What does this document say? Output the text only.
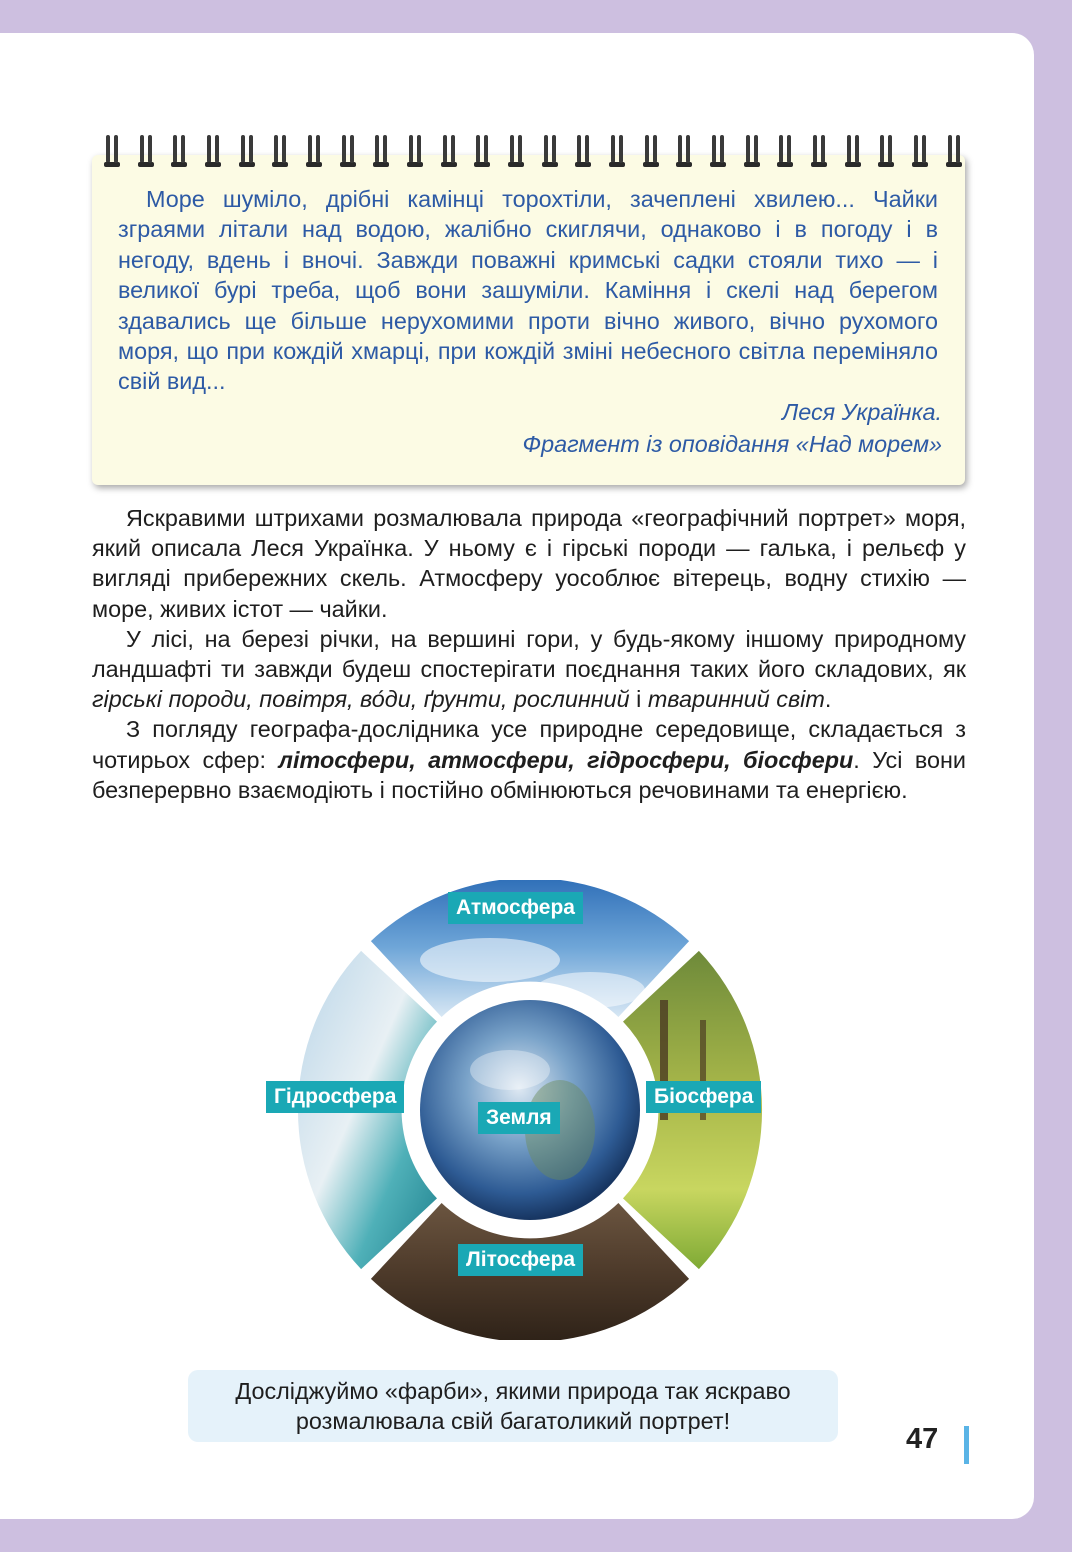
Море шуміло, дрібні камінці торохтіли, зачеплені хвилею... Чайки зграями літали над водою, жалібно скиглячи, однаково і в погоду і в негоду, вдень і вночі. Завжди поважні кримські садки стояли тихо — і великої бурі треба, щоб вони зашуміли. Каміння і скелі над берегом здавались ще більше нерухомими проти вічно живого, вічно рухомого моря, що при кождій хмарці, при кождій зміні небесного світла переміняло свій вид...

Леся Українка.
Фрагмент із оповідання «Над морем»

Яскравими штрихами розмалювала природа «географічний портрет» моря, який описала Леся Українка. У ньому є і гірські породи — галька, і рельєф у вигляді прибережних скель. Атмосферу уособлює вітерець, водну стихію — море, живих істот — чайки.

У лісі, на березі річки, на вершині гори, у будь-якому іншому природному ландшафті ти завжди будеш спостерігати поєднання таких його складових, як гірські породи, повітря, во́ди, ґрунти, рослинний і тваринний світ.

З погляду географа-дослідника усе природне середовище, складається з чотирьох сфер: літосфери, атмосфери, гідросфери, біосфери. Усі вони безперервно взаємодіють і постійно обмінюються речовинами та енергією.

Атмосфера
Гідросфера	Біосфера
Літосфера
Земля
Досліджуймо «фарби», якими природа так яскраво
розмалювала свій багатоликий портрет!
47
